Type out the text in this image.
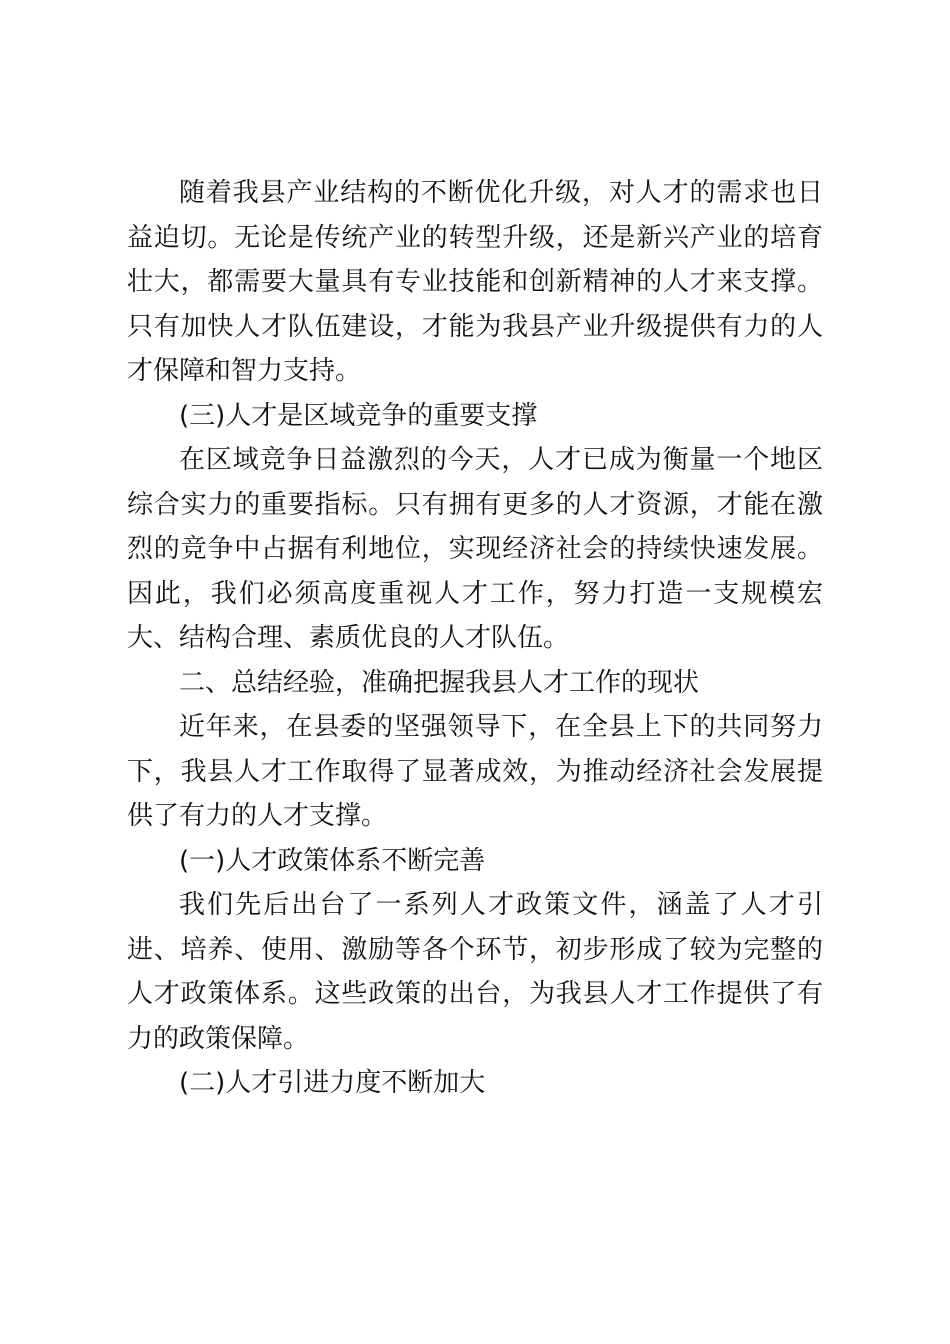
随着我县产业结构的不断优化升级，对人才的需求也日益迫切。无论是传统产业的转型升级，还是新兴产业的培育壮大，都需要大量具有专业技能和创新精神的人才来支撑。只有加快人才队伍建设，才能为我县产业升级提供有力的人才保障和智力支持。

(三)人才是区域竞争的重要支撑

在区域竞争日益激烈的今天，人才已成为衡量一个地区综合实力的重要指标。只有拥有更多的人才资源，才能在激烈的竞争中占据有利地位，实现经济社会的持续快速发展。因此，我们必须高度重视人才工作，努力打造一支规模宏大、结构合理、素质优良的人才队伍。

二、总结经验，准确把握我县人才工作的现状

近年来，在县委的坚强领导下，在全县上下的共同努力下，我县人才工作取得了显著成效，为推动经济社会发展提供了有力的人才支撑。

(一)人才政策体系不断完善

我们先后出台了一系列人才政策文件，涵盖了人才引进、培养、使用、激励等各个环节，初步形成了较为完整的人才政策体系。这些政策的出台，为我县人才工作提供了有力的政策保障。

(二)人才引进力度不断加大
